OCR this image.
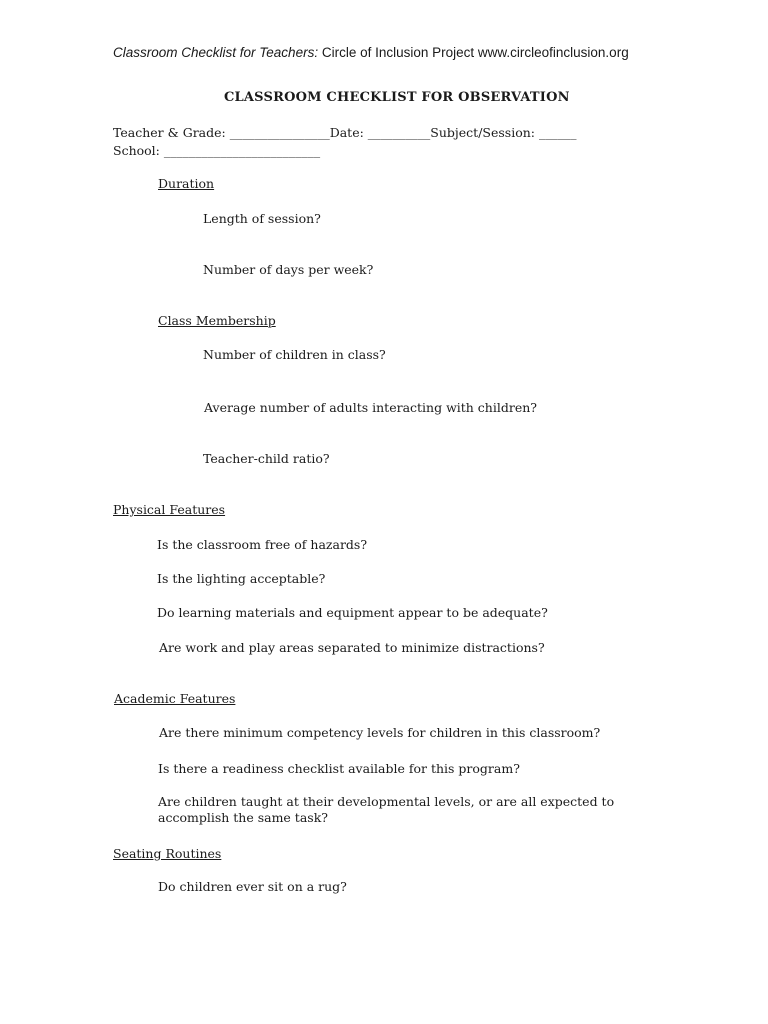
Classroom Checklist for Teachers: Circle of Inclusion Project www.circleofinclusion.org
CLASSROOM CHECKLIST FOR OBSERVATION
Teacher & Grade: ________________Date: __________Subject/Session: ______
School: _________________________
Duration
Length of session?
Number of days per week?
Class Membership
Number of children in class?
Average number of adults interacting with children?
Teacher-child ratio?
Physical Features
Is the classroom free of hazards?
Is the lighting acceptable?
Do learning materials and equipment appear to be adequate?
Are work and play areas separated to minimize distractions?
Academic Features
Are there minimum competency levels for children in this classroom?
Is there a readiness checklist available for this program?
Are children taught at their developmental levels, or are all expected to accomplish the same task?
Seating Routines
Do children ever sit on a rug?
